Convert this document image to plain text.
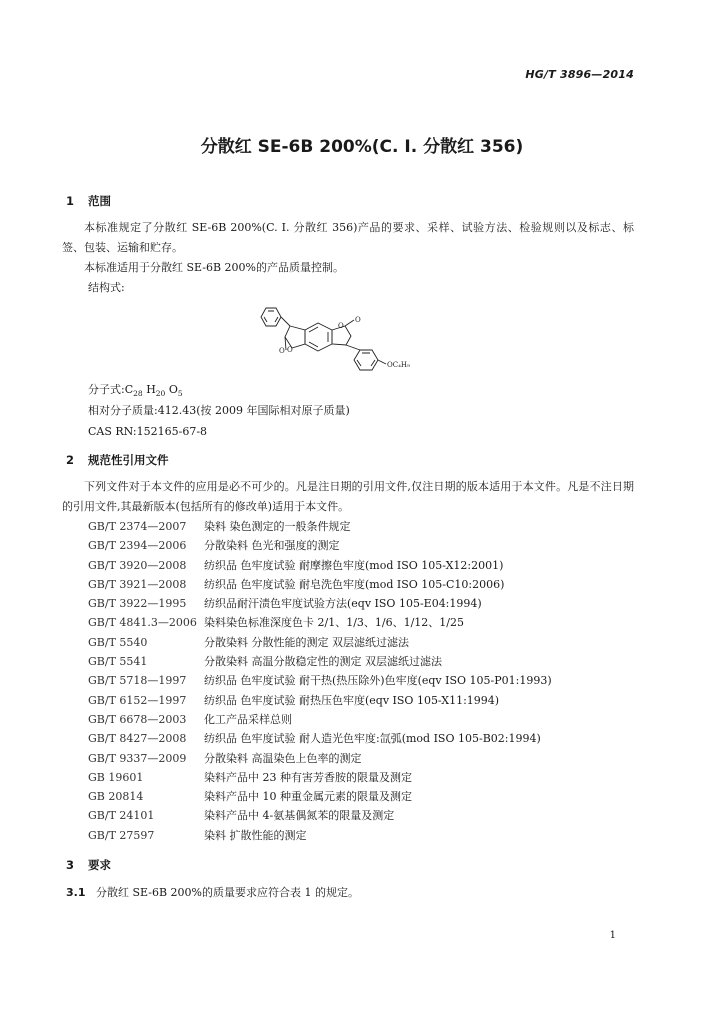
HG/T 3896—2014
分散红 SE-6B 200%(C. I. 分散红 356)
1 范围
本标准规定了分散红 SE-6B 200%(C. I. 分散红 356)产品的要求、采样、试验方法、检验规则以及标志、标签、包装、运输和贮存。
本标准适用于分散红 SE-6B 200%的产品质量控制。
结构式:
O O
O
O
OC₄H₉
分子式$:C_{28}$ $H_{20}$ $O_5$
相对分子质量:412.43(按 2009 年国际相对原子质量)
CAS RN:152165-67-8
2 规范性引用文件
下列文件对于本文件的应用是必不可少的。凡是注日期的引用文件,仅注日期的版本适用于本文件。凡是不注日期的引用文件,其最新版本(包括所有的修改单)适用于本文件。
GB/T 2374—2007 染料 染色测定的一般条件规定
GB/T 2394—2006 分散染料 色光和强度的测定
GB/T 3920—2008 纺织品 色牢度试验 耐摩擦色牢度(mod ISO 105-X12:2001)
GB/T 3921—2008 纺织品 色牢度试验 耐皂洗色牢度(mod ISO 105-C10:2006)
GB/T 3922—1995 纺织品耐汗渍色牢度试验方法(eqv ISO 105-E04:1994)
GB/T 4841.3—2006 染料染色标准深度色卡 2/1、1/3、1/6、1/12、1/25
GB/T 5540	分散染料 分散性能的测定 双层滤纸过滤法
GB/T 5541	分散染料 高温分散稳定性的测定 双层滤纸过滤法
GB/T 5718—1997 纺织品 色牢度试验 耐干热(热压除外)色牢度(eqv ISO 105-P01:1993)
GB/T 6152—1997 纺织品 色牢度试验 耐热压色牢度(eqv ISO 105-X11:1994)
GB/T 6678—2003 化工产品采样总则
GB/T 8427—2008 纺织品 色牢度试验 耐人造光色牢度:氙弧(mod ISO 105-B02:1994)
GB/T 9337—2009 分散染料 高温染色上色率的测定
GB 19601	染料产品中 23 种有害芳香胺的限量及测定
GB 20814	染料产品中 10 种重金属元素的限量及测定
GB/T 24101	染料产品中 4-氨基偶氮苯的限量及测定
GB/T 27597	染料 扩散性能的测定
3 要求
3.1 分散红 SE-6B 200%的质量要求应符合表 1 的规定。
1
